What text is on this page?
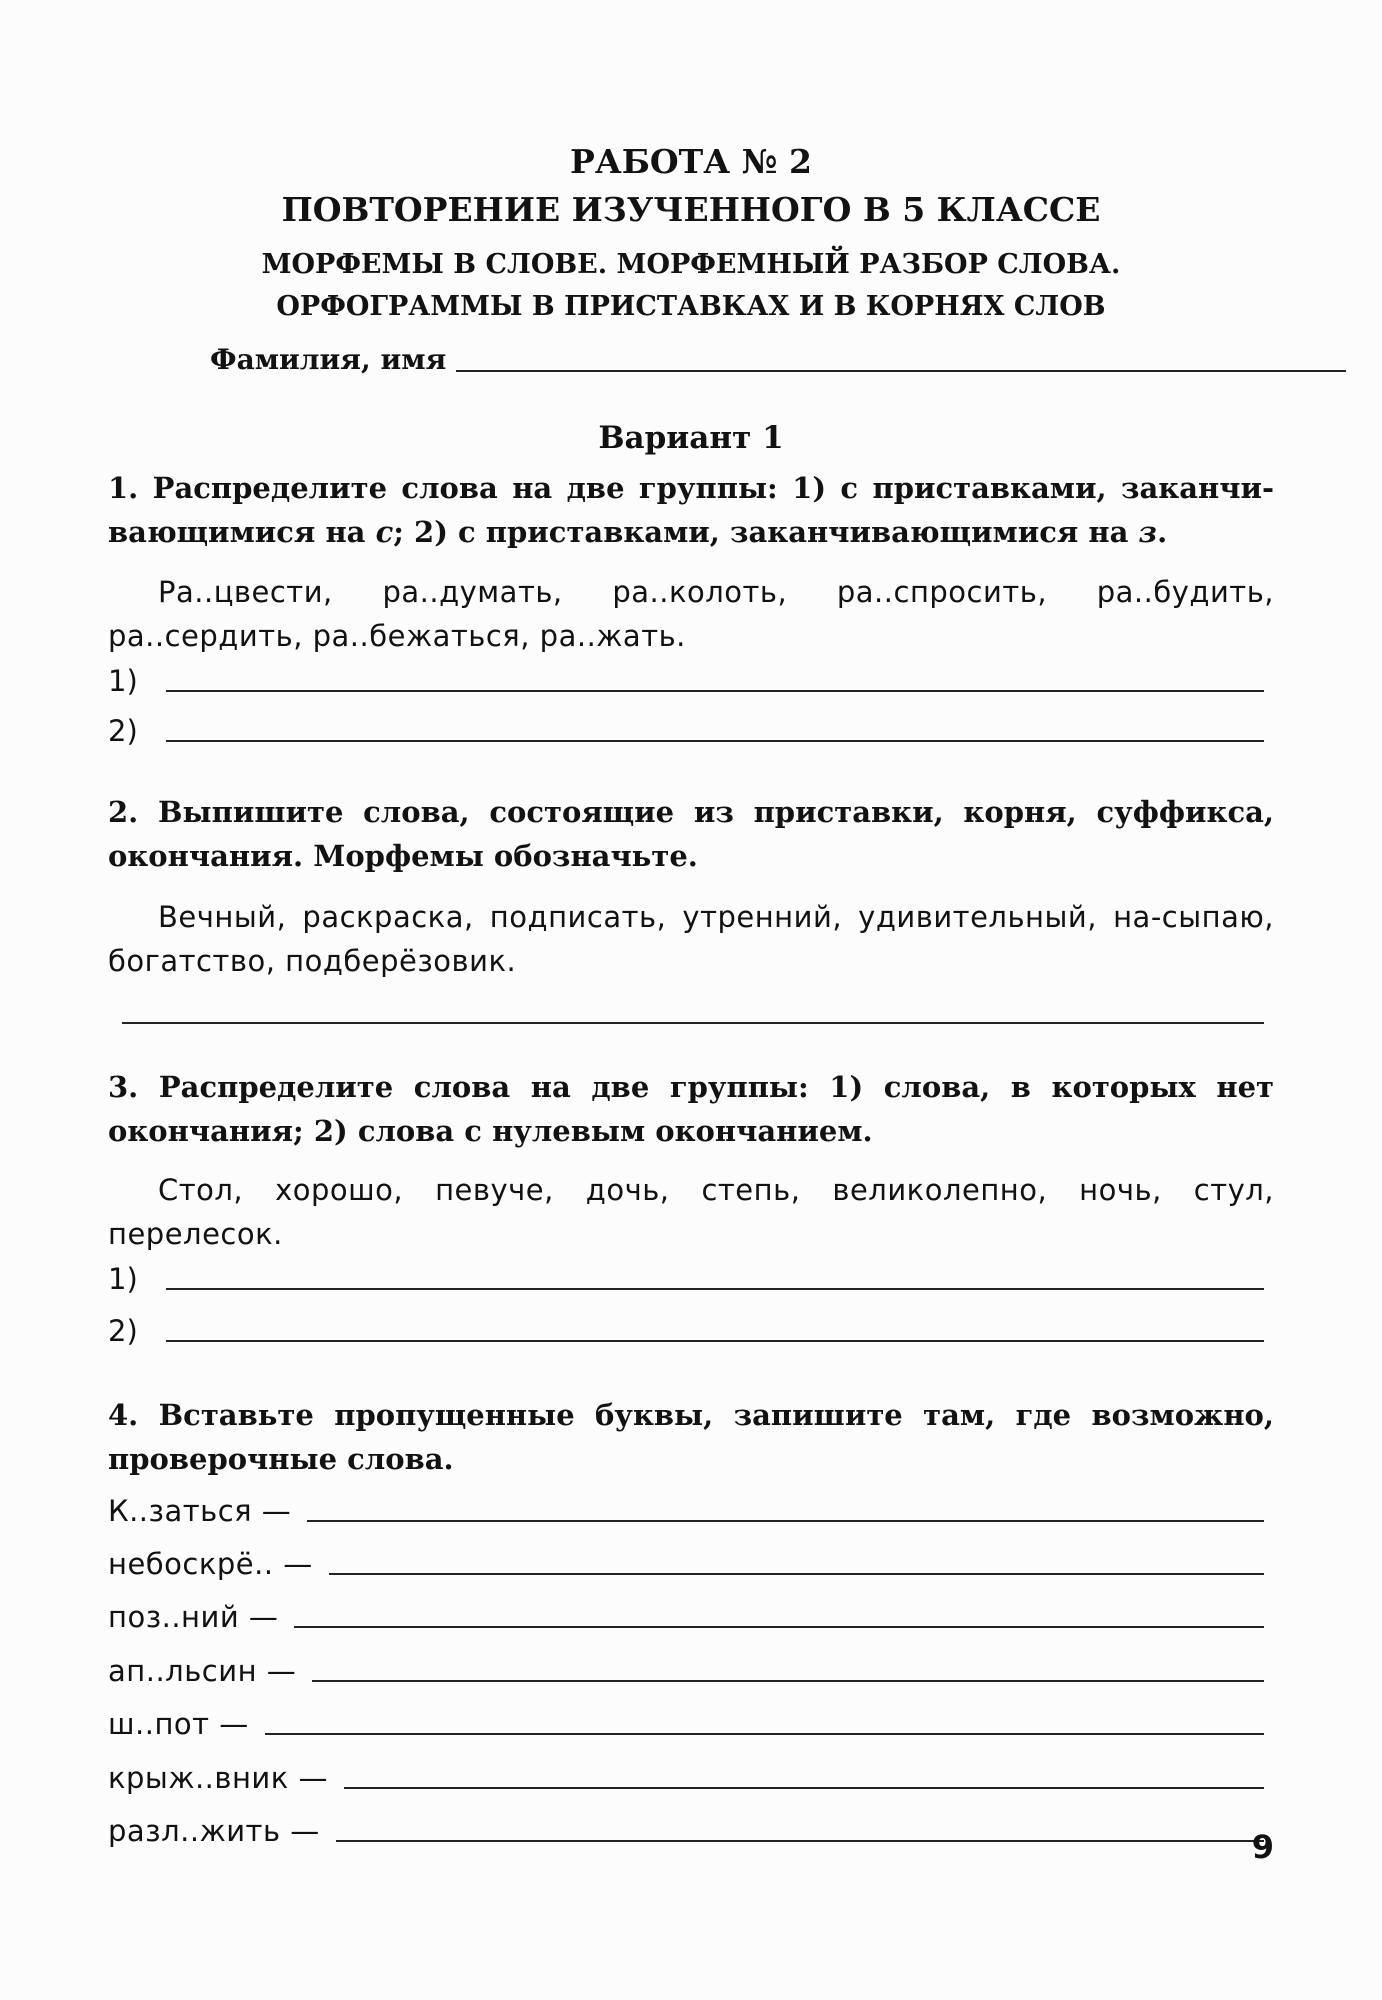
РАБОТА № 2
ПОВТОРЕНИЕ ИЗУЧЕННОГО В 5 КЛАССЕ
МОРФЕМЫ В СЛОВЕ. МОРФЕМНЫЙ РАЗБОР СЛОВА.
ОРФОГРАММЫ В ПРИСТАВКАХ И В КОРНЯХ СЛОВ
Фамилия, имя
Вариант 1
1. Распределите слова на две группы: 1) с приставками, заканчи-вающимися на с; 2) с приставками, заканчивающимися на з.
Ра..цвести, ра..думать, ра..колоть, ра..спросить, ра..будить, ра..сердить, ра..бежаться, ра..жать.
1)
2)
2. Выпишите слова, состоящие из приставки, корня, суффикса, окончания. Морфемы обозначьте.
Вечный, раскраска, подписать, утренний, удивительный, на-сыпаю, богатство, подберёзовик.
3. Распределите слова на две группы: 1) слова, в которых нет окончания; 2) слова с нулевым окончанием.
Стол, хорошо, певуче, дочь, степь, великолепно, ночь, стул, перелесок.
1)
2)
4. Вставьте пропущенные буквы, запишите там, где возможно, проверочные слова.
К..заться —
небоскрё.. —
поз..ний —
ап..льсин —
ш..пот —
крыж..вник —
разл..жить —	9
